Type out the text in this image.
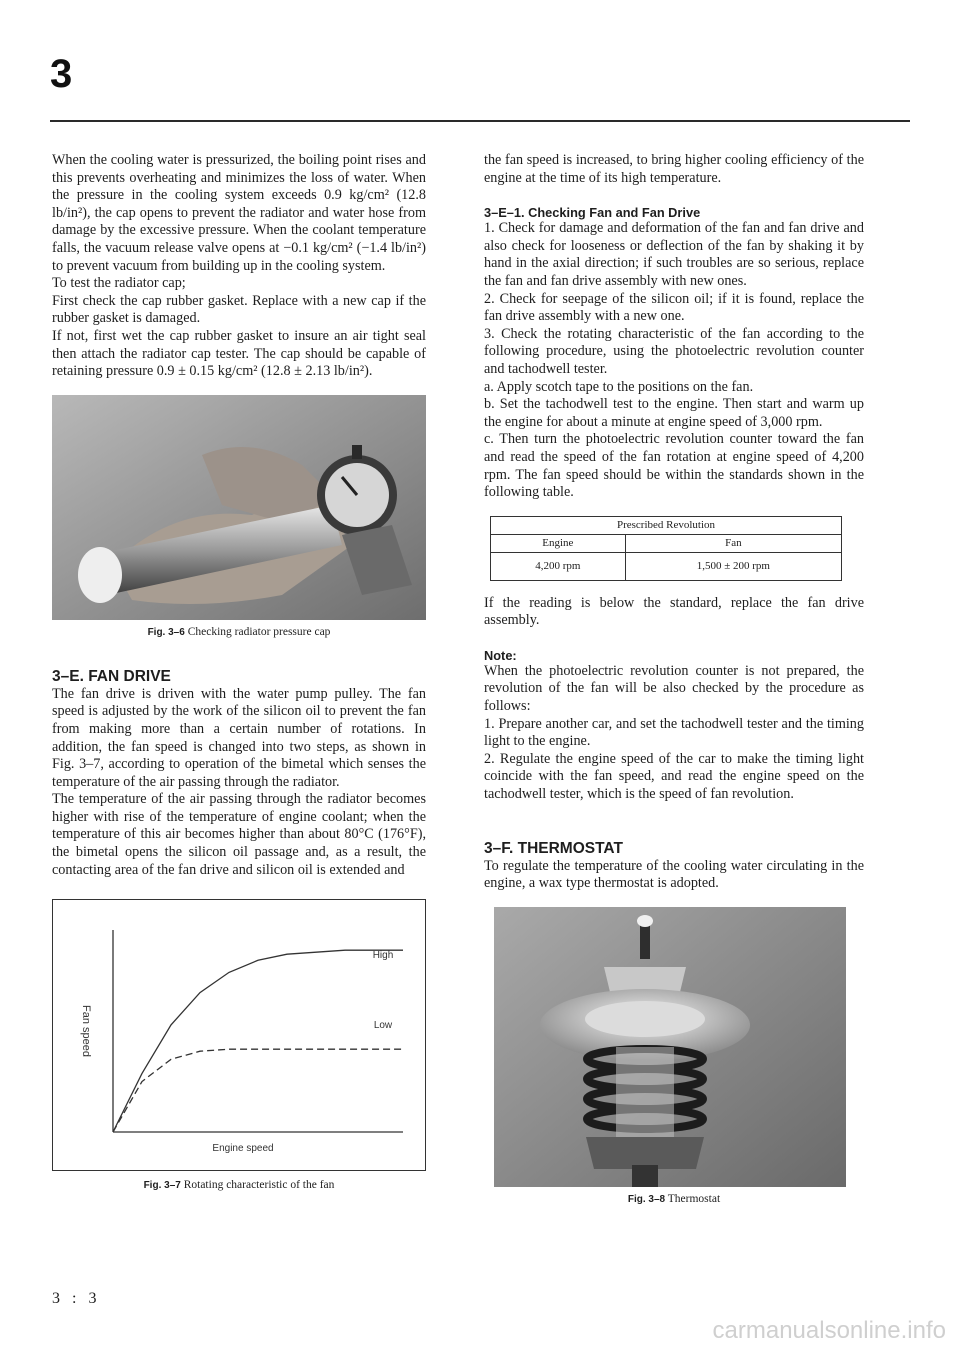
3

When the cooling water is pressurized, the boiling point rises and this prevents overheating and minimizes the loss of water. When the pressure in the cooling system exceeds 0.9 kg/cm² (12.8 lb/in²), the cap opens to prevent the radiator and water hose from damage by the excessive pressure. When the coolant temperature falls, the vacuum release valve opens at −0.1 kg/cm² (−1.4 lb/in²) to prevent vacuum from building up in the cooling system.

To test the radiator cap;

First check the cap rubber gasket. Replace with a new cap if the rubber gasket is damaged.

If not, first wet the cap rubber gasket to insure an air tight seal then attach the radiator cap tester. The cap should be capable of retaining pressure 0.9 ± 0.15 kg/cm² (12.8 ± 2.13 lb/in²).

Fig. 3–6 Checking radiator pressure cap
3–E. FAN DRIVE

The fan drive is driven with the water pump pulley. The fan speed is adjusted by the work of the silicon oil to prevent the fan from making more than a certain number of rotations. In addition, the fan speed is changed into two steps, as shown in Fig. 3–7, according to operation of the bimetal which senses the temperature of the air passing through the radiator.

The temperature of the air passing through the radiator becomes higher with rise of the temperature of engine coolant; when the temperature of this air becomes higher than about 80°C (176°F), the bimetal opens the silicon oil passage and, as a result, the contacting area of the fan drive and silicon oil is extended and

Engine speed
Fan speed
High
Low
Fig. 3–7 Rotating characteristic of the fan

the fan speed is increased, to bring higher cooling efficiency of the engine at the time of its high temperature.

3–E–1. Checking Fan and Fan Drive

1. Check for damage and deformation of the fan and fan drive and also check for looseness or deflection of the fan by shaking it by hand in the axial direction; if such troubles are so serious, replace the fan and fan drive assembly with new ones.

2. Check for seepage of the silicon oil; if it is found, replace the fan drive assembly with a new one.

3. Check the rotating characteristic of the fan according to the following procedure, using the photoelectric revolution counter and tachodwell tester.

a. Apply scotch tape to the positions on the fan.

b. Set the tachodwell test to the engine. Then start and warm up the engine for about a minute at engine speed of 3,000 rpm.

c. Then turn the photoelectric revolution counter toward the fan and read the speed of the fan rotation at engine speed of 4,200 rpm. The fan speed should be within the standards shown in the following table.

Prescribed Revolution	
Engine	Fan
4,200 rpm	1,500 ± 200 rpm

If the reading is below the standard, replace the fan drive assembly.

Note:

When the photoelectric revolution counter is not prepared, the revolution of the fan will be also checked by the procedure as follows:

1. Prepare another car, and set the tachodwell tester and the timing light to the engine.

2. Regulate the engine speed of the car to make the timing light coincide with the fan speed, and read the engine speed on the tachodwell tester, which is the speed of fan revolution.

3–F. THERMOSTAT

To regulate the temperature of the cooling water circulating in the engine, a wax type thermostat is adopted.

Fig. 3–8 Thermostat
3 : 3
carmanualsonline.info
